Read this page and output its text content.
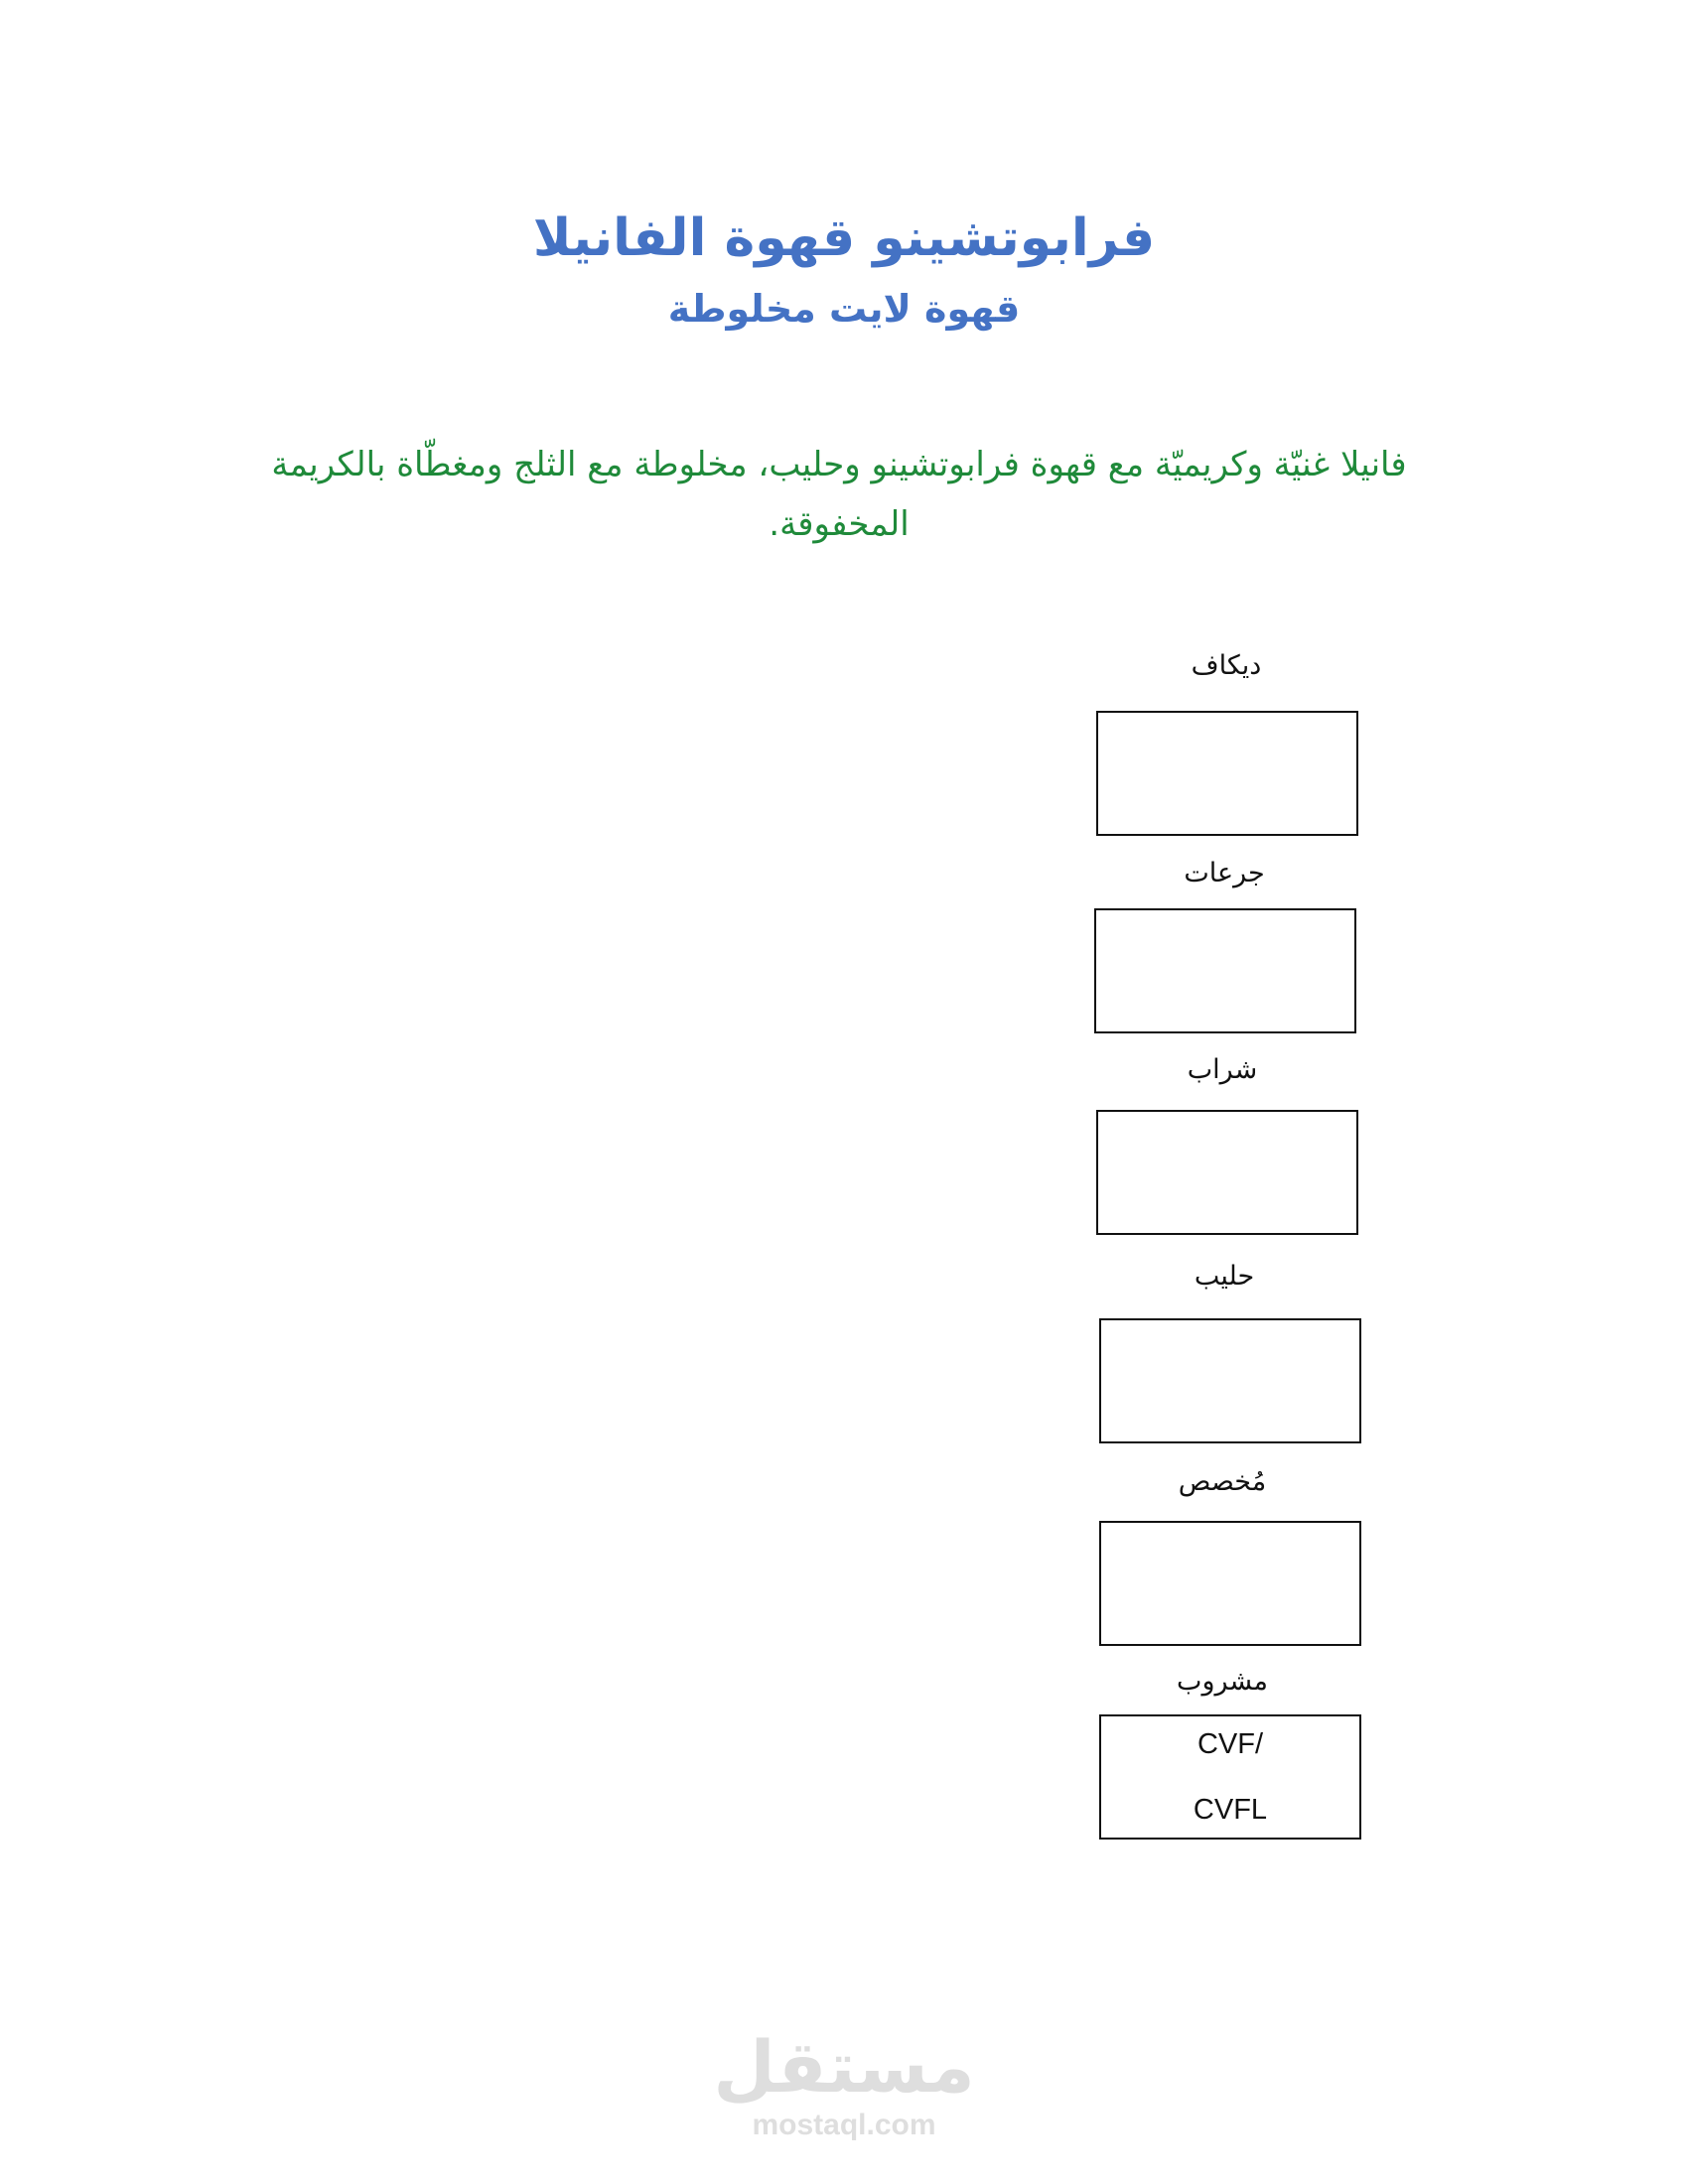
فرابوتشينو قهوة الفانيلا
قهوة لايت مخلوطة
فانيلا غنيّة وكريميّة مع قهوة فرابوتشينو وحليب، مخلوطة مع الثلج ومغطّاة بالكريمة المخفوقة.
ديكاف
جرعات
شراب
حليب
مُخصص
مشروب
CVF/
CVFL
مستقل
mostaql.com
